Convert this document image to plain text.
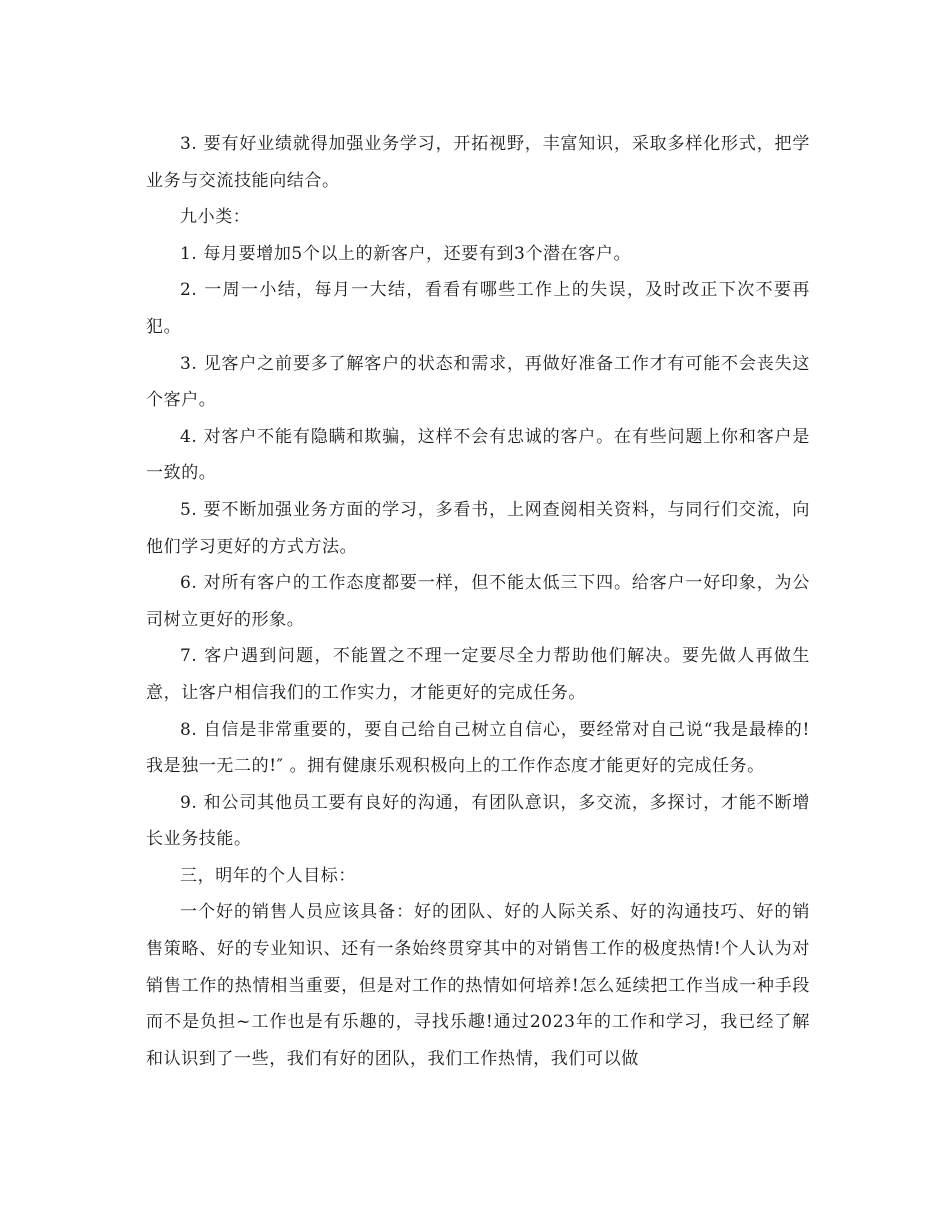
3. 要有好业绩就得加强业务学习，开拓视野，丰富知识，采取多样化形式，把学业务与交流技能向结合。

九小类：

1. 每月要增加5个以上的新客户，还要有到3个潜在客户。

2. 一周一小结，每月一大结，看看有哪些工作上的失误，及时改正下次不要再犯。

3. 见客户之前要多了解客户的状态和需求，再做好准备工作才有可能不会丧失这个客户。

4. 对客户不能有隐瞒和欺骗，这样不会有忠诚的客户。在有些问题上你和客户是一致的。

5. 要不断加强业务方面的学习，多看书，上网查阅相关资料，与同行们交流，向他们学习更好的方式方法。

6. 对所有客户的工作态度都要一样，但不能太低三下四。给客户一好印象，为公司树立更好的形象。

7. 客户遇到问题，不能置之不理一定要尽全力帮助他们解决。要先做人再做生意，让客户相信我们的工作实力，才能更好的完成任务。

8. 自信是非常重要的，要自己给自己树立自信心，要经常对自己说“我是最棒的!我是独一无二的!″ 。拥有健康乐观积极向上的工作作态度才能更好的完成任务。

9. 和公司其他员工要有良好的沟通，有团队意识，多交流，多探讨，才能不断增长业务技能。

三，明年的个人目标：

一个好的销售人员应该具备：好的团队、好的人际关系、好的沟通技巧、好的销售策略、好的专业知识、还有一条始终贯穿其中的对销售工作的极度热情!个人认为对销售工作的热情相当重要，但是对工作的热情如何培养!怎么延续把工作当成一种手段而不是负担~工作也是有乐趣的，寻找乐趣!通过2023年的工作和学习，我已经了解和认识到了一些，我们有好的团队，我们工作热情，我们可以做
